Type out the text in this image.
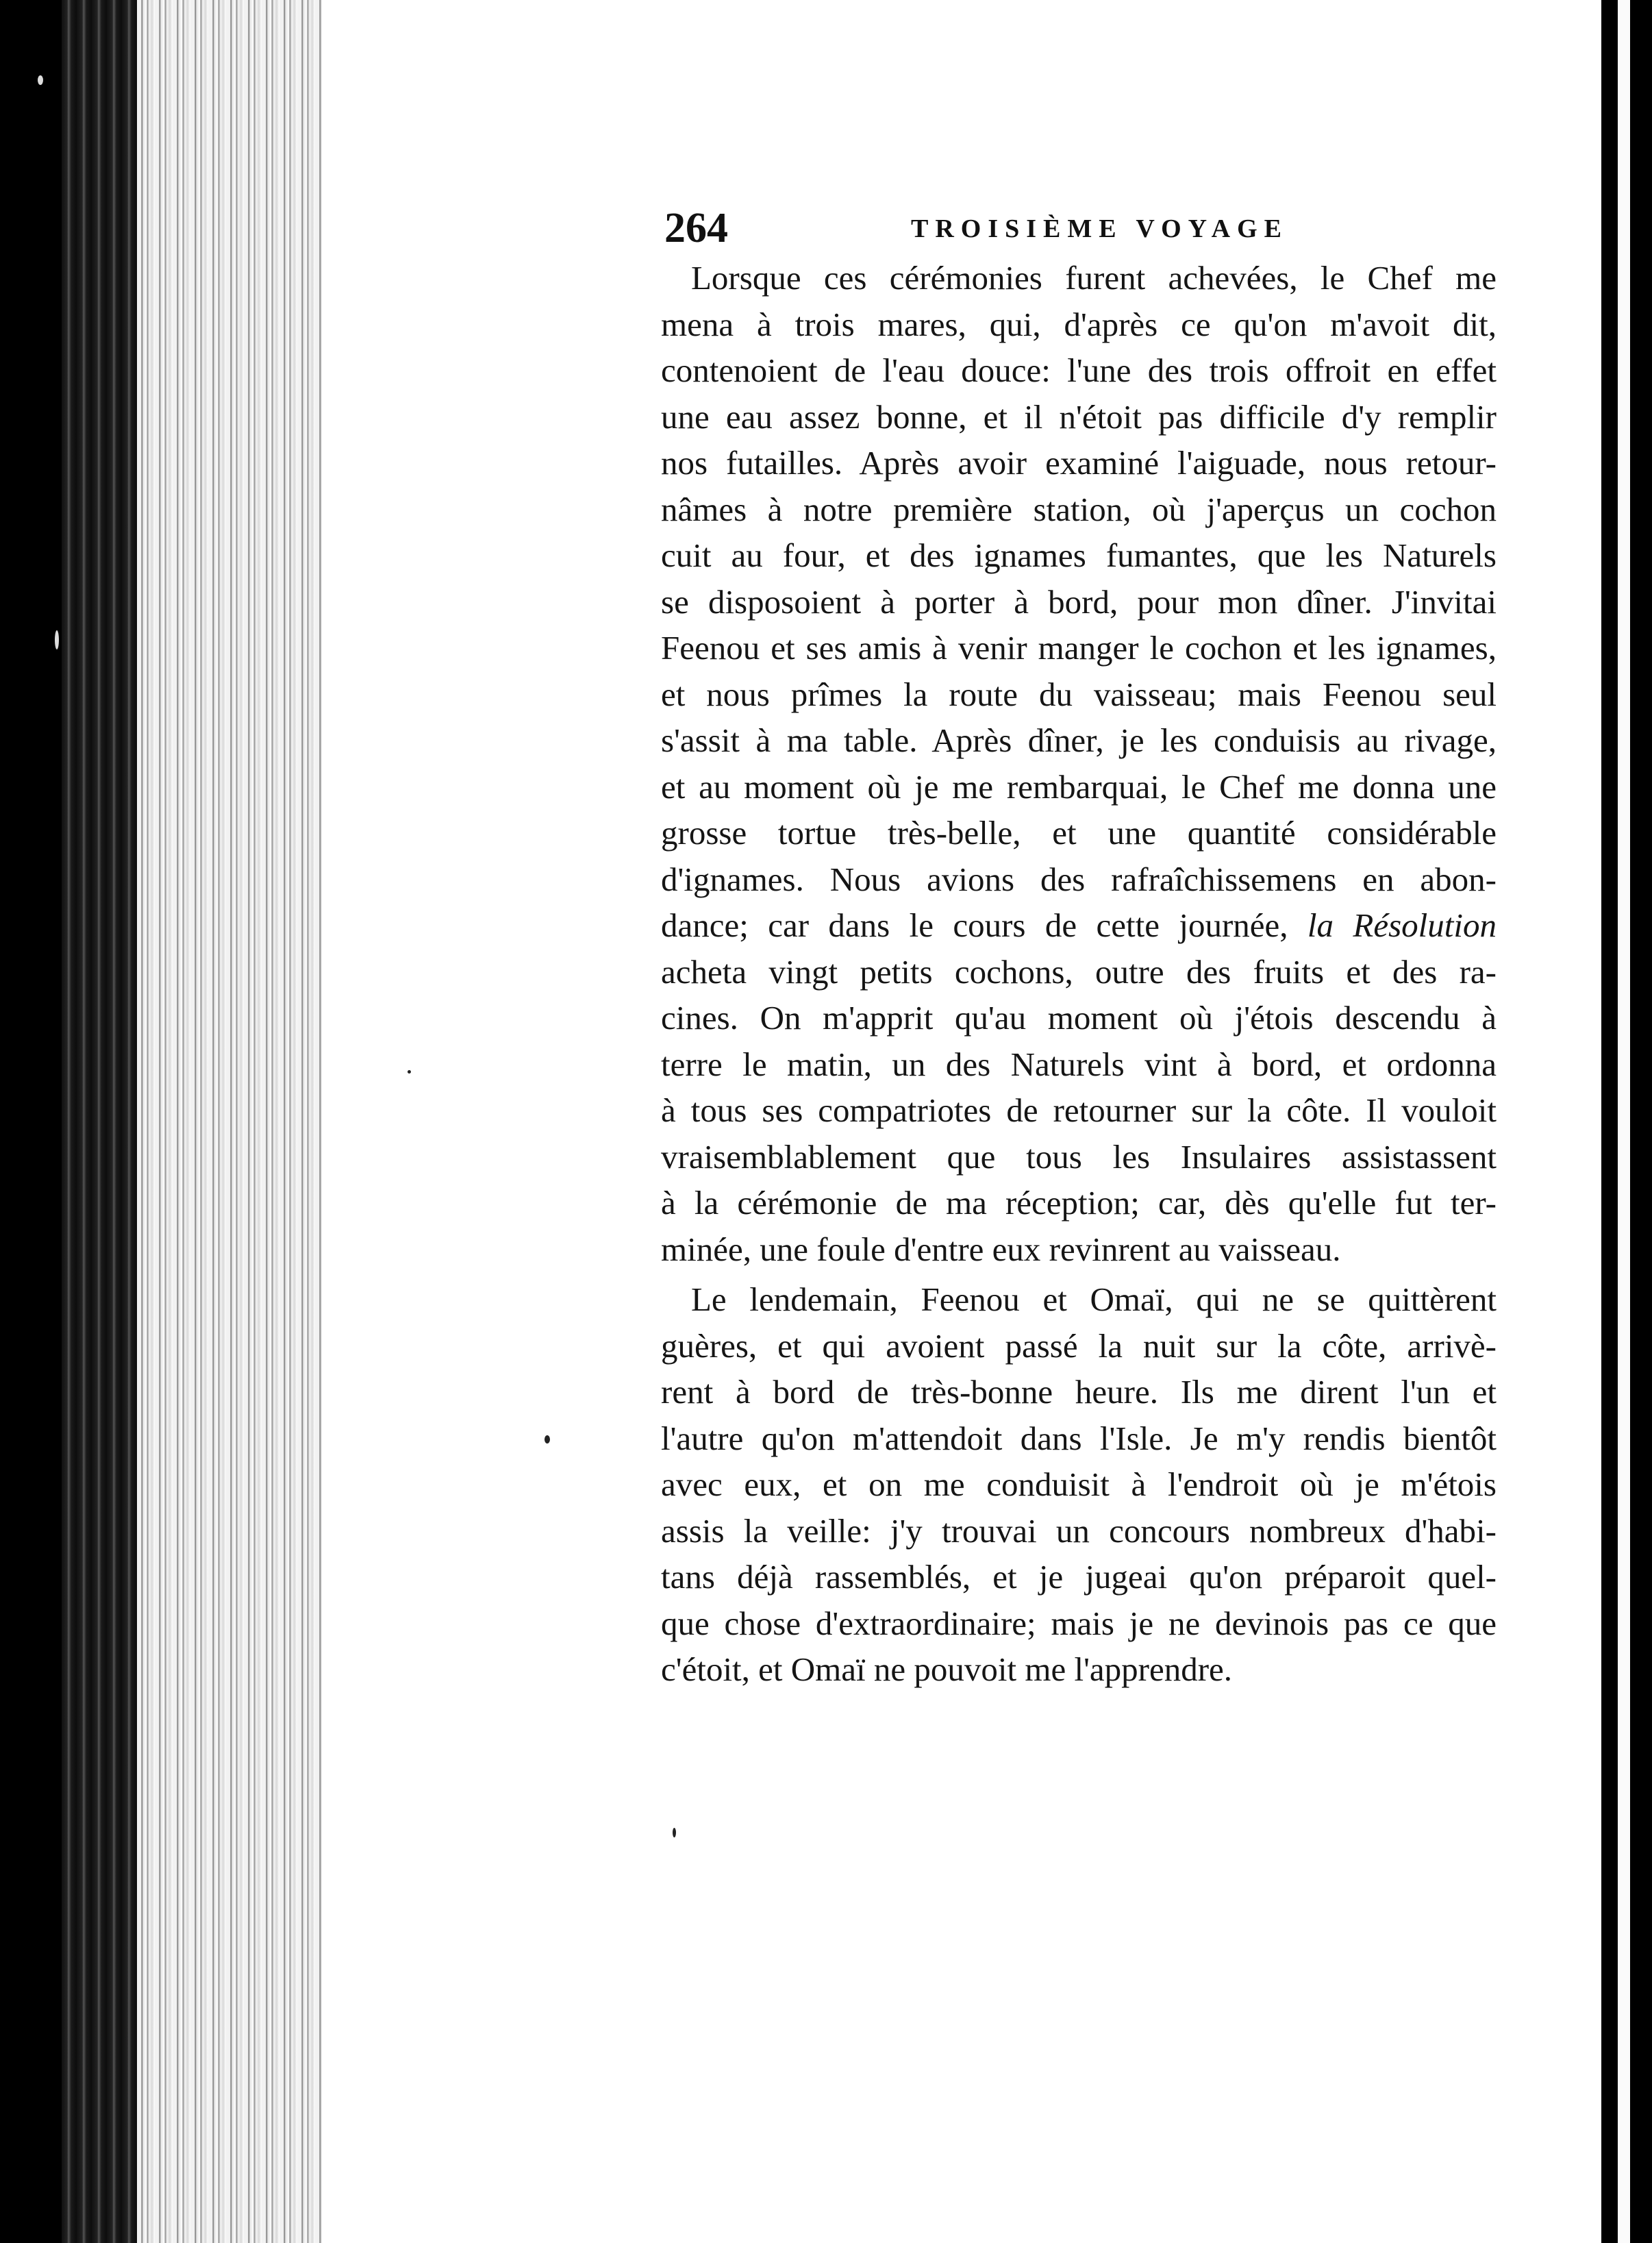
264	TROISIÈME VOYAGE
Lorsque ces cérémonies furent achevées, le Chef me
mena à trois mares, qui, d'après ce qu'on m'avoit dit,
contenoient de l'eau douce: l'une des trois offroit en effet
une eau assez bonne, et il n'étoit pas difficile d'y remplir
nos futailles. Après avoir examiné l'aiguade, nous retour-
nâmes à notre première station, où j'aperçus un cochon
cuit au four, et des ignames fumantes, que les Naturels
se disposoient à porter à bord, pour mon dîner. J'invitai
Feenou et ses amis à venir manger le cochon et les ignames,
et nous prîmes la route du vaisseau; mais Feenou seul
s'assit à ma table. Après dîner, je les conduisis au rivage,
et au moment où je me rembarquai, le Chef me donna une
grosse tortue très-belle, et une quantité considérable
d'ignames. Nous avions des rafraîchissemens en abon-
dance; car dans le cours de cette journée, la Résolution
acheta vingt petits cochons, outre des fruits et des ra-
cines. On m'apprit qu'au moment où j'étois descendu à
terre le matin, un des Naturels vint à bord, et ordonna
à tous ses compatriotes de retourner sur la côte. Il vouloit
vraisemblablement que tous les Insulaires assistassent
à la cérémonie de ma réception; car, dès qu'elle fut ter-
minée, une foule d'entre eux revinrent au vaisseau.
Le lendemain, Feenou et Omaï, qui ne se quittèrent
guères, et qui avoient passé la nuit sur la côte, arrivè-
rent à bord de très-bonne heure. Ils me dirent l'un et
l'autre qu'on m'attendoit dans l'Isle. Je m'y rendis bientôt
avec eux, et on me conduisit à l'endroit où je m'étois
assis la veille: j'y trouvai un concours nombreux d'habi-
tans déjà rassemblés, et je jugeai qu'on préparoit quel-
que chose d'extraordinaire; mais je ne devinois pas ce que
c'étoit, et Omaï ne pouvoit me l'apprendre.
